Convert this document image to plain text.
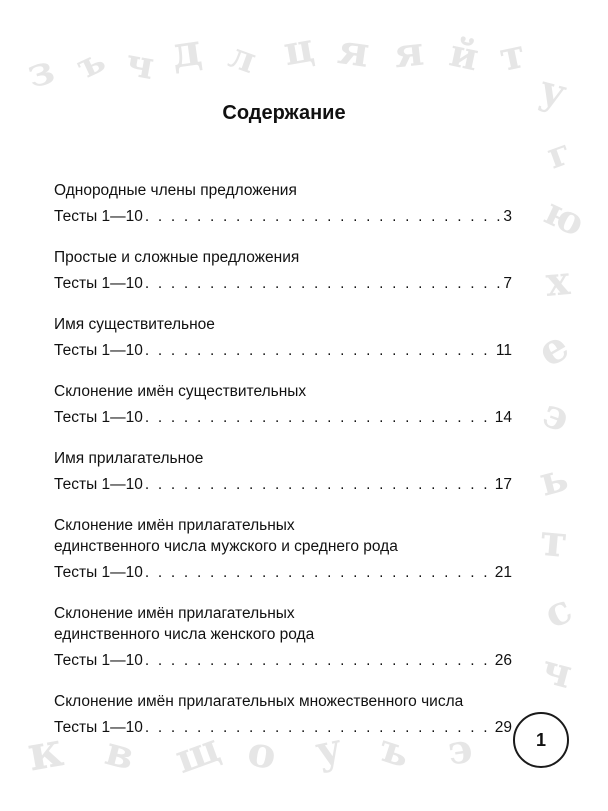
з ъ ч д л ц я я й т
у
г
ю
х
е
э
ь
т
с
ч
к в щ о у ъ э
Содержание
Однородные члены предложения
Тесты 1—10 . . .	3
Простые и сложные предложения
Тесты 1—10 . . .	7
Имя существительное
Тесты 1—10 . . .	11
Склонение имён существительных
Тесты 1—10 . . .	14
Имя прилагательное
Тесты 1—10 . . .	17
Склонение имён прилагательных
единственного числа мужского и среднего рода
Тесты 1—10 . . .	21
Склонение имён прилагательных
единственного числа женского рода
Тесты 1—10 . . .	26
Склонение имён прилагательных множественного числа
Тесты 1—10 . . .	29
1
